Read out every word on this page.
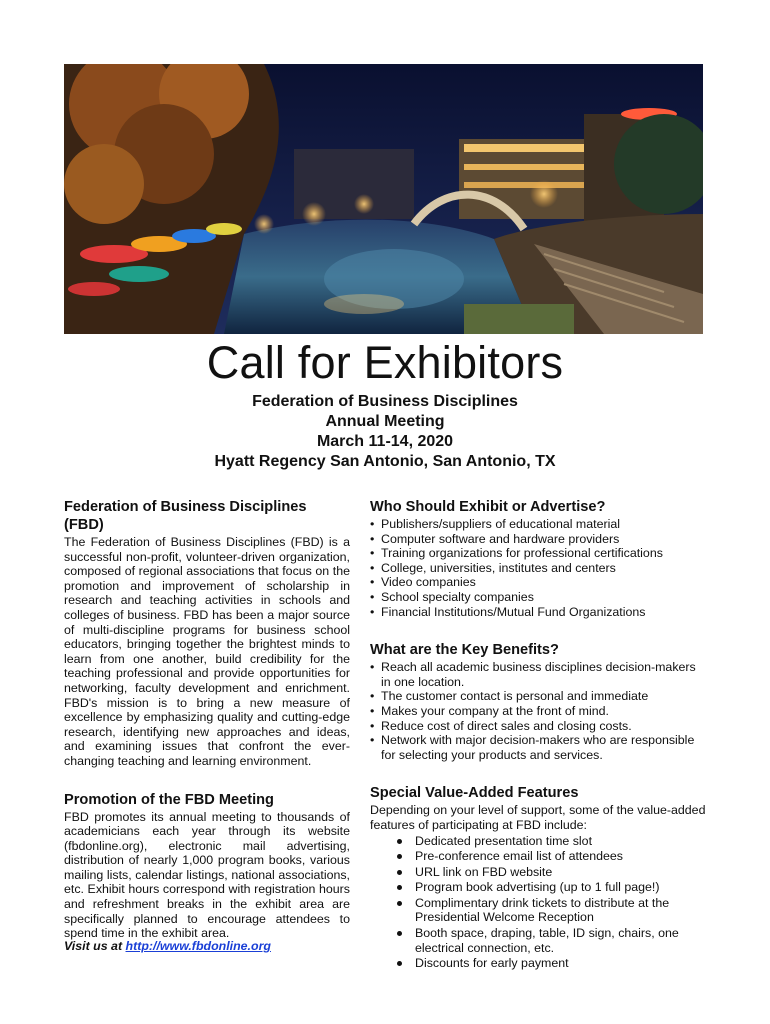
Call for Exhibitors

Federation of Business Disciplines

Annual Meeting

March 11-14, 2020

Hyatt Regency San Antonio, San Antonio, TX

Federation of Business Disciplines (FBD)

The Federation of Business Disciplines (FBD) is a successful non-profit, volunteer-driven organization, composed of regional associations that focus on the promotion and improvement of scholarship in research and teaching activities in schools and colleges of business. FBD has been a major source of multi-discipline programs for business school educators, bringing together the brightest minds to learn from one another, build credibility for the teaching professional and provide opportunities for networking, faculty development and enrichment. FBD's mission is to bring a new measure of excellence by emphasizing quality and cutting-edge research, identifying new approaches and ideas, and examining issues that confront the ever-changing teaching and learning environment.

Promotion of the FBD Meeting

FBD promotes its annual meeting to thousands of academicians each year through its website (fbdonline.org), electronic mail advertising, distribution of nearly 1,000 program books, various mailing lists, calendar listings, national associations, etc. Exhibit hours correspond with registration hours and refreshment breaks in the exhibit area are specifically planned to encourage attendees to spend time in the exhibit area.

Visit us at http://www.fbdonline.org

Who Should Exhibit or Advertise?
• Publishers/suppliers of educational material
• Computer software and hardware providers
• Training organizations for professional certifications
• College, universities, institutes and centers
• Video companies
• School specialty companies
• Financial Institutions/Mutual Fund Organizations
What are the Key Benefits?
• Reach all academic business disciplines decision-makers in one location.
• The customer contact is personal and immediate
• Makes your company at the front of mind.
• Reduce cost of direct sales and closing costs.
• Network with major decision-makers who are responsible for selecting your products and services.
Special Value-Added Features

Depending on your level of support, some of the value-added features of participating at FBD include:

Dedicated presentation time slot
Pre-conference email list of attendees
URL link on FBD website
Program book advertising (up to 1 full page!)
Complimentary drink tickets to distribute at the Presidential Welcome Reception
Booth space, draping, table, ID sign, chairs, one electrical connection, etc.
Discounts for early payment
